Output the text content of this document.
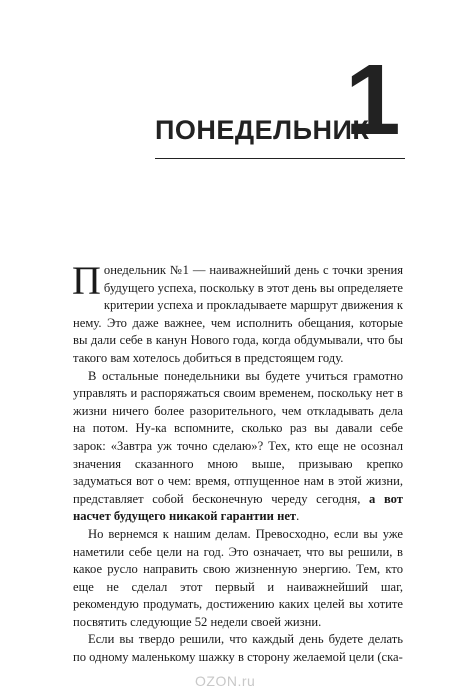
ПОНЕДЕЛЬНИК
1

Понедельник №1 — наиважнейший день с точки зрения будущего успеха, поскольку в этот день вы определяете критерии успеха и прокладываете маршрут движения к нему. Это даже важнее, чем исполнить обещания, которые вы дали себе в канун Нового года, когда обдумывали, что бы такого вам хотелось добиться в предстоящем году.

В остальные понедельники вы будете учиться грамотно управлять и распоряжаться своим временем, поскольку нет в жизни ничего более разорительного, чем откладывать дела на потом. Ну-ка вспомните, сколько раз вы давали себе зарок: «Завтра уж точно сделаю»? Тех, кто еще не осознал значения сказанного мною выше, призываю крепко задуматься вот о чем: время, отпущенное нам в этой жизни, представляет собой бесконечную череду сегодня, а вот насчет будущего никакой гарантии нет.

Но вернемся к нашим делам. Превосходно, если вы уже наметили себе цели на год. Это означает, что вы решили, в какое русло направить свою жизненную энергию. Тем, кто еще не сделал этот первый и наиважнейший шаг, рекомендую продумать, достижению каких целей вы хотите посвятить следующие 52 недели своей жизни.

Если вы твердо решили, что каждый день будете делать по одному маленькому шажку в сторону желаемой цели (ска-

OZON.ru
